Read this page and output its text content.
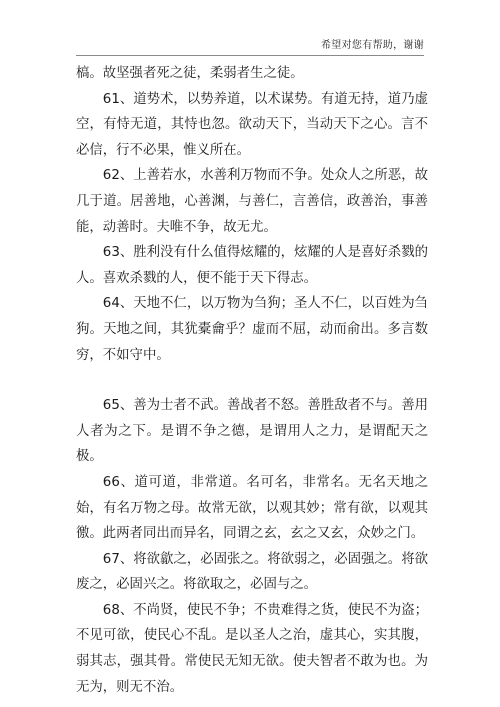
希望对您有帮助，谢谢

槁。故坚强者死之徒，柔弱者生之徒。

61、道势术，以势养道，以术谋势。有道无持，道乃虚空，有恃无道，其恃也忽。欲动天下，当动天下之心。言不必信，行不必果，惟义所在。

62、上善若水，水善利万物而不争。处众人之所恶，故几于道。居善地，心善渊，与善仁，言善信，政善治，事善能，动善时。夫唯不争，故无尤。

63、胜利没有什么值得炫耀的，炫耀的人是喜好杀戮的人。喜欢杀戮的人，便不能于天下得志。

64、天地不仁，以万物为刍狗；圣人不仁，以百姓为刍狗。天地之间，其犹橐龠乎？虚而不屈，动而俞出。多言数穷，不如守中。

65、善为士者不武。善战者不怒。善胜敌者不与。善用人者为之下。是谓不争之德，是谓用人之力，是谓配天之极。

66、道可道，非常道。名可名，非常名。无名天地之始，有名万物之母。故常无欲，以观其妙；常有欲，以观其徼。此两者同出而异名，同谓之玄，玄之又玄，众妙之门。

67、将欲歙之，必固张之。将欲弱之，必固强之。将欲废之，必固兴之。将欲取之，必固与之。

68、不尚贤，使民不争；不贵难得之货，使民不为盗；不见可欲，使民心不乱。是以圣人之治，虚其心，实其腹，弱其志，强其骨。常使民无知无欲。使夫智者不敢为也。为无为，则无不治。
